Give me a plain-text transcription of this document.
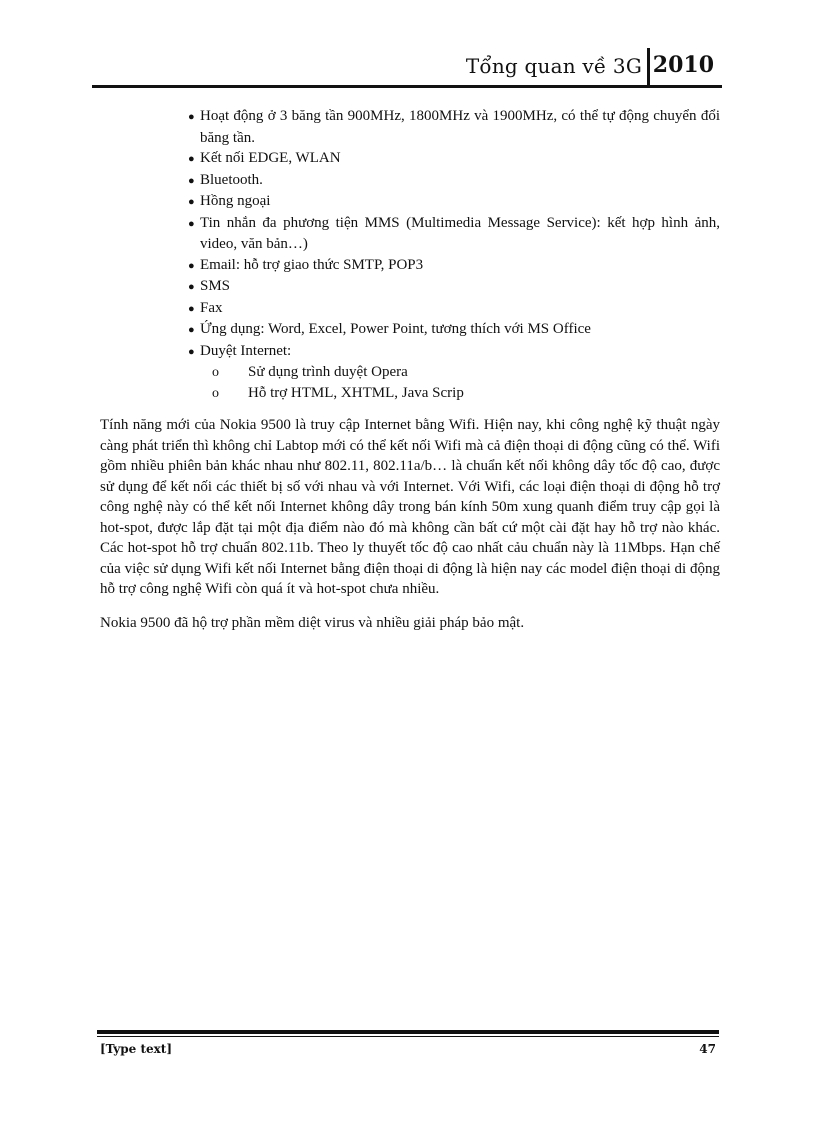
Tổng quan về 3G 2010
● Hoạt động ở 3 băng tần 900MHz, 1800MHz và 1900MHz, có thể tự động chuyển đổi băng tần.
● Kết nối EDGE, WLAN
● Bluetooth.
● Hồng ngoại
● Tin nhắn đa phương tiện MMS (Multimedia Message Service): kết hợp hình ảnh, video, văn bản…)
● Email: hỗ trợ giao thức SMTP, POP3
● SMS
● Fax
● Ứng dụng: Word, Excel, Power Point, tương thích với MS Office
● Duyệt Internet:
o Sử dụng trình duyệt Opera
o Hỗ trợ HTML, XHTML, Java Scrip

Tính năng mới của Nokia 9500 là truy cập Internet bằng Wifi. Hiện nay, khi công nghệ kỹ thuật ngày càng phát triển thì không chỉ Labtop mới có thể kết nối Wifi mà cả điện thoại di động cũng có thể. Wifi gồm nhiều phiên bản khác nhau như 802.11, 802.11a/b… là chuẩn kết nối không dây tốc độ cao, được sử dụng để kết nối các thiết bị số với nhau và với Internet. Với Wifi, các loại điện thoại di động hỗ trợ công nghệ này có thể kết nối Internet không dây trong bán kính 50m xung quanh điểm truy cập gọi là hot-spot, được lắp đặt tại một địa điểm nào đó mà không cần bất cứ một cài đặt hay hỗ trợ nào khác. Các hot-spot hỗ trợ chuẩn 802.11b. Theo ly thuyết tốc độ cao nhất cảu chuẩn này là 11Mbps. Hạn chế của việc sử dụng Wifi kết nối Internet bằng điện thoại di động là hiện nay các model điện thoại di động hỗ trợ công nghệ Wifi còn quá ít và hot-spot chưa nhiều.

Nokia 9500 đã hộ trợ phần mềm diệt virus và nhiều giải pháp bảo mật.

[Type text]	47
